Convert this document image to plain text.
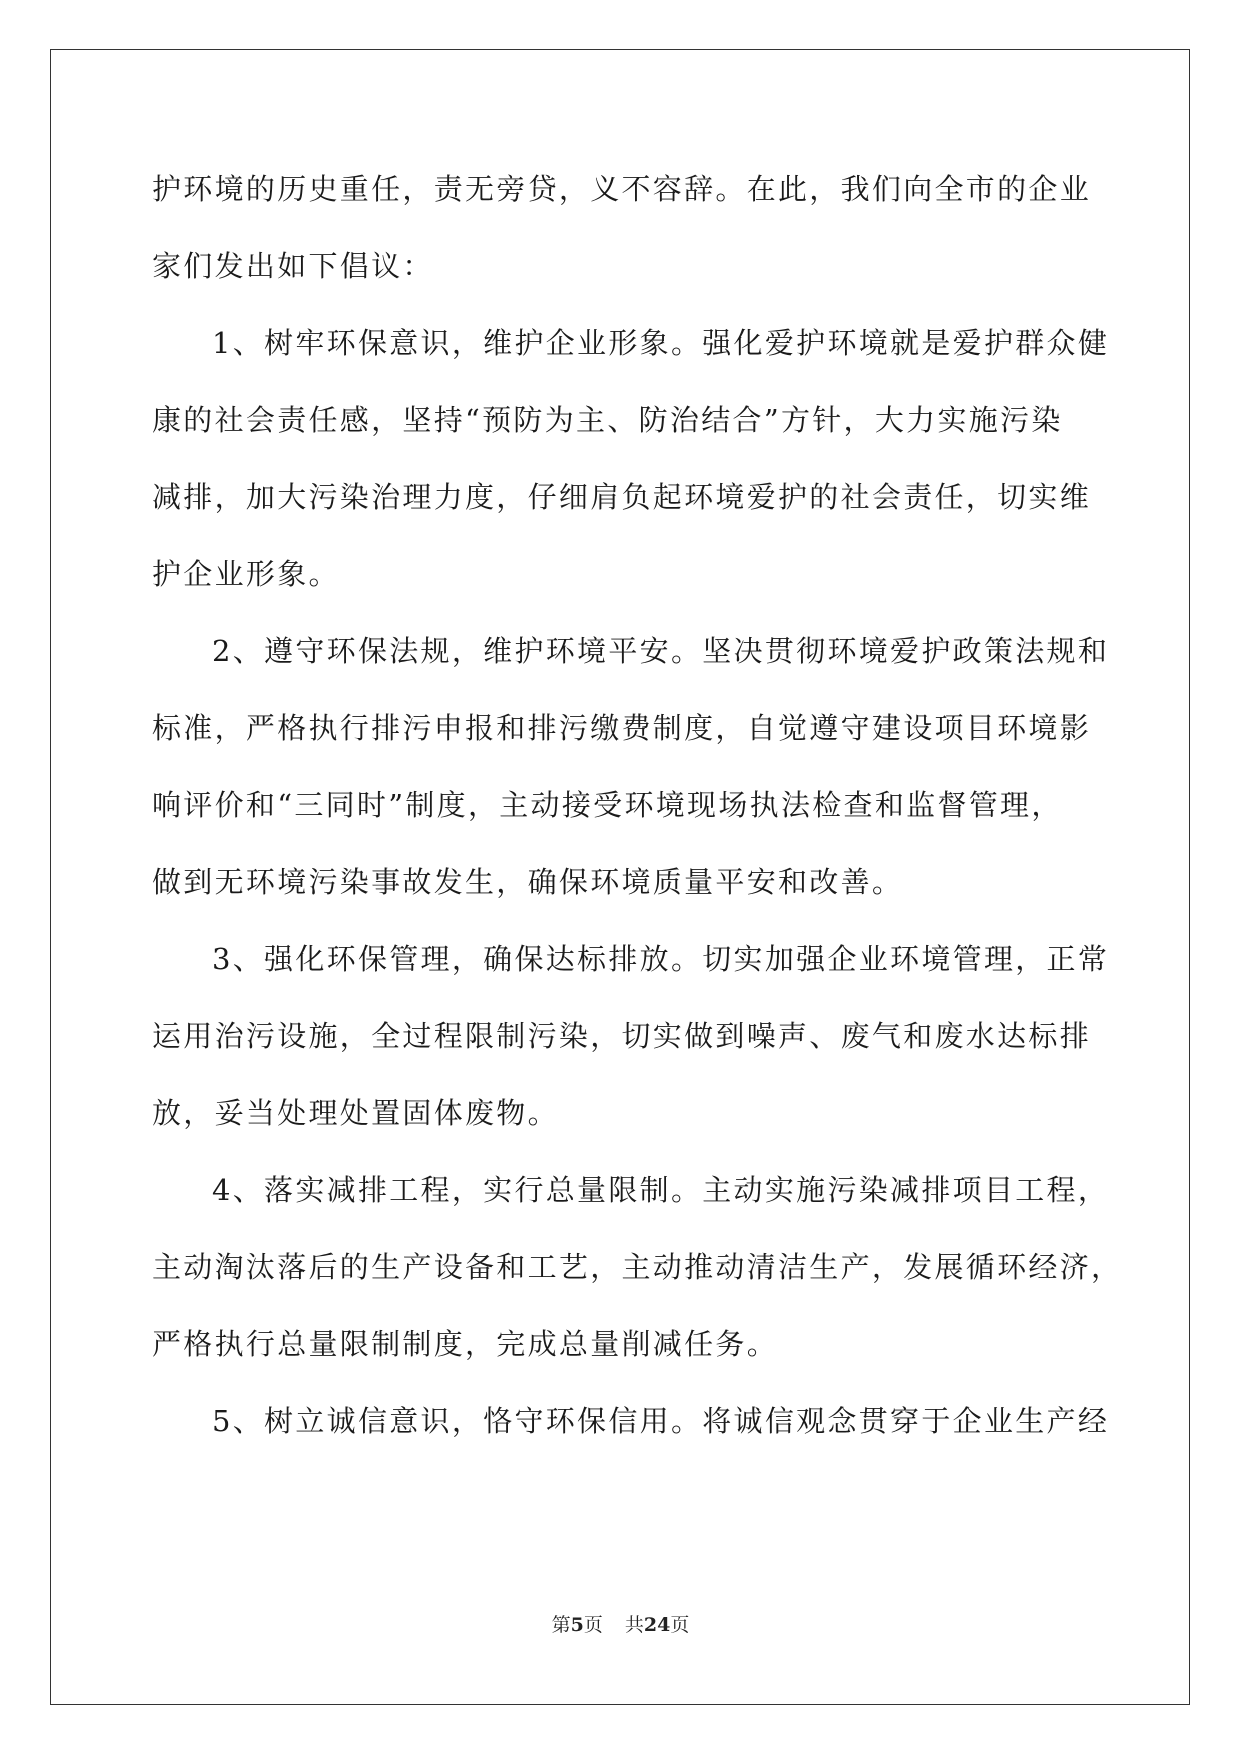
护环境的历史重任，责无旁贷，义不容辞。在此，我们向全市的企业
家们发出如下倡议：
1、树牢环保意识，维护企业形象。强化爱护环境就是爱护群众健
康的社会责任感，坚持“预防为主、防治结合”方针，大力实施污染
减排，加大污染治理力度，仔细肩负起环境爱护的社会责任，切实维
护企业形象。
2、遵守环保法规，维护环境平安。坚决贯彻环境爱护政策法规和
标准，严格执行排污申报和排污缴费制度，自觉遵守建设项目环境影
响评价和“三同时”制度，主动接受环境现场执法检查和监督管理，
做到无环境污染事故发生，确保环境质量平安和改善。
3、强化环保管理，确保达标排放。切实加强企业环境管理，正常
运用治污设施，全过程限制污染，切实做到噪声、废气和废水达标排
放，妥当处理处置固体废物。
4、落实减排工程，实行总量限制。主动实施污染减排项目工程，
主动淘汰落后的生产设备和工艺，主动推动清洁生产，发展循环经济，
严格执行总量限制制度，完成总量削减任务。
5、树立诚信意识，恪守环保信用。将诚信观念贯穿于企业生产经
第5页 共24页
